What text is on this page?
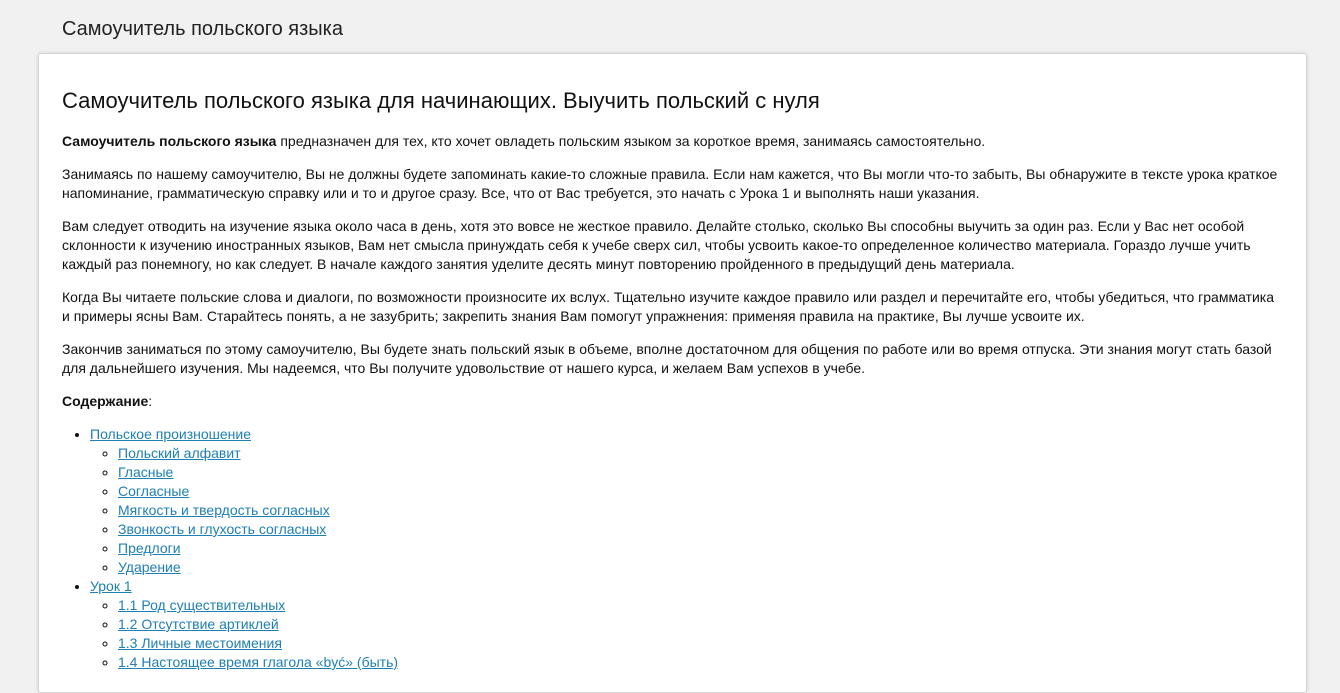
Самоучитель польского языка
Самоучитель польского языка для начинающих. Выучить польский с нуля

Самоучитель польского языка предназначен для тех, кто хочет овладеть польским языком за короткое время, занимаясь самостоятельно.

Занимаясь по нашему самоучителю, Вы не должны будете запоминать какие-то сложные правила. Если нам кажется, что Вы могли что-то забыть, Вы обнаружите в тексте урока краткое напоминание, грамматическую справку или и то и другое сразу. Все, что от Вас требуется, это начать с Урока 1 и выполнять наши указания.

Вам следует отводить на изучение языка около часа в день, хотя это вовсе не жесткое правило. Делайте столько, сколько Вы способны выучить за один раз. Если у Вас нет особой склонности к изучению иностранных языков, Вам нет смысла принуждать себя к учебе сверх сил, чтобы усвоить какое-то определенное количество материала. Гораздо лучше учить каждый раз понемногу, но как следует. В начале каждого занятия уделите десять минут повторению пройденного в предыдущий день материала.

Когда Вы читаете польские слова и диалоги, по возможности произносите их вслух. Тщательно изучите каждое правило или раздел и перечитайте его, чтобы убедиться, что грамматика и примеры ясны Вам. Старайтесь понять, а не зазубрить; закрепить знания Вам помогут упражнения: применяя правила на практике, Вы лучше усвоите их.

Закончив заниматься по этому самоучителю, Вы будете знать польский язык в объеме, вполне достаточном для общения по работе или во время отпуска. Эти знания могут стать базой для дальнейшего изучения. Мы надеемся, что Вы получите удовольствие от нашего курса, и желаем Вам успехов в учебе.

Содержание:

• Польское произношение
◦ Польский алфавит
◦ Гласные
◦ Согласные
◦ Мягкость и твердость согласных
◦ Звонкость и глухость согласных
◦ Предлоги
◦ Ударение
• Урок 1
◦ 1.1 Род существительных
◦ 1.2 Отсутствие артиклей
◦ 1.3 Личные местоимения
◦ 1.4 Настоящее время глагола «być» (быть)
